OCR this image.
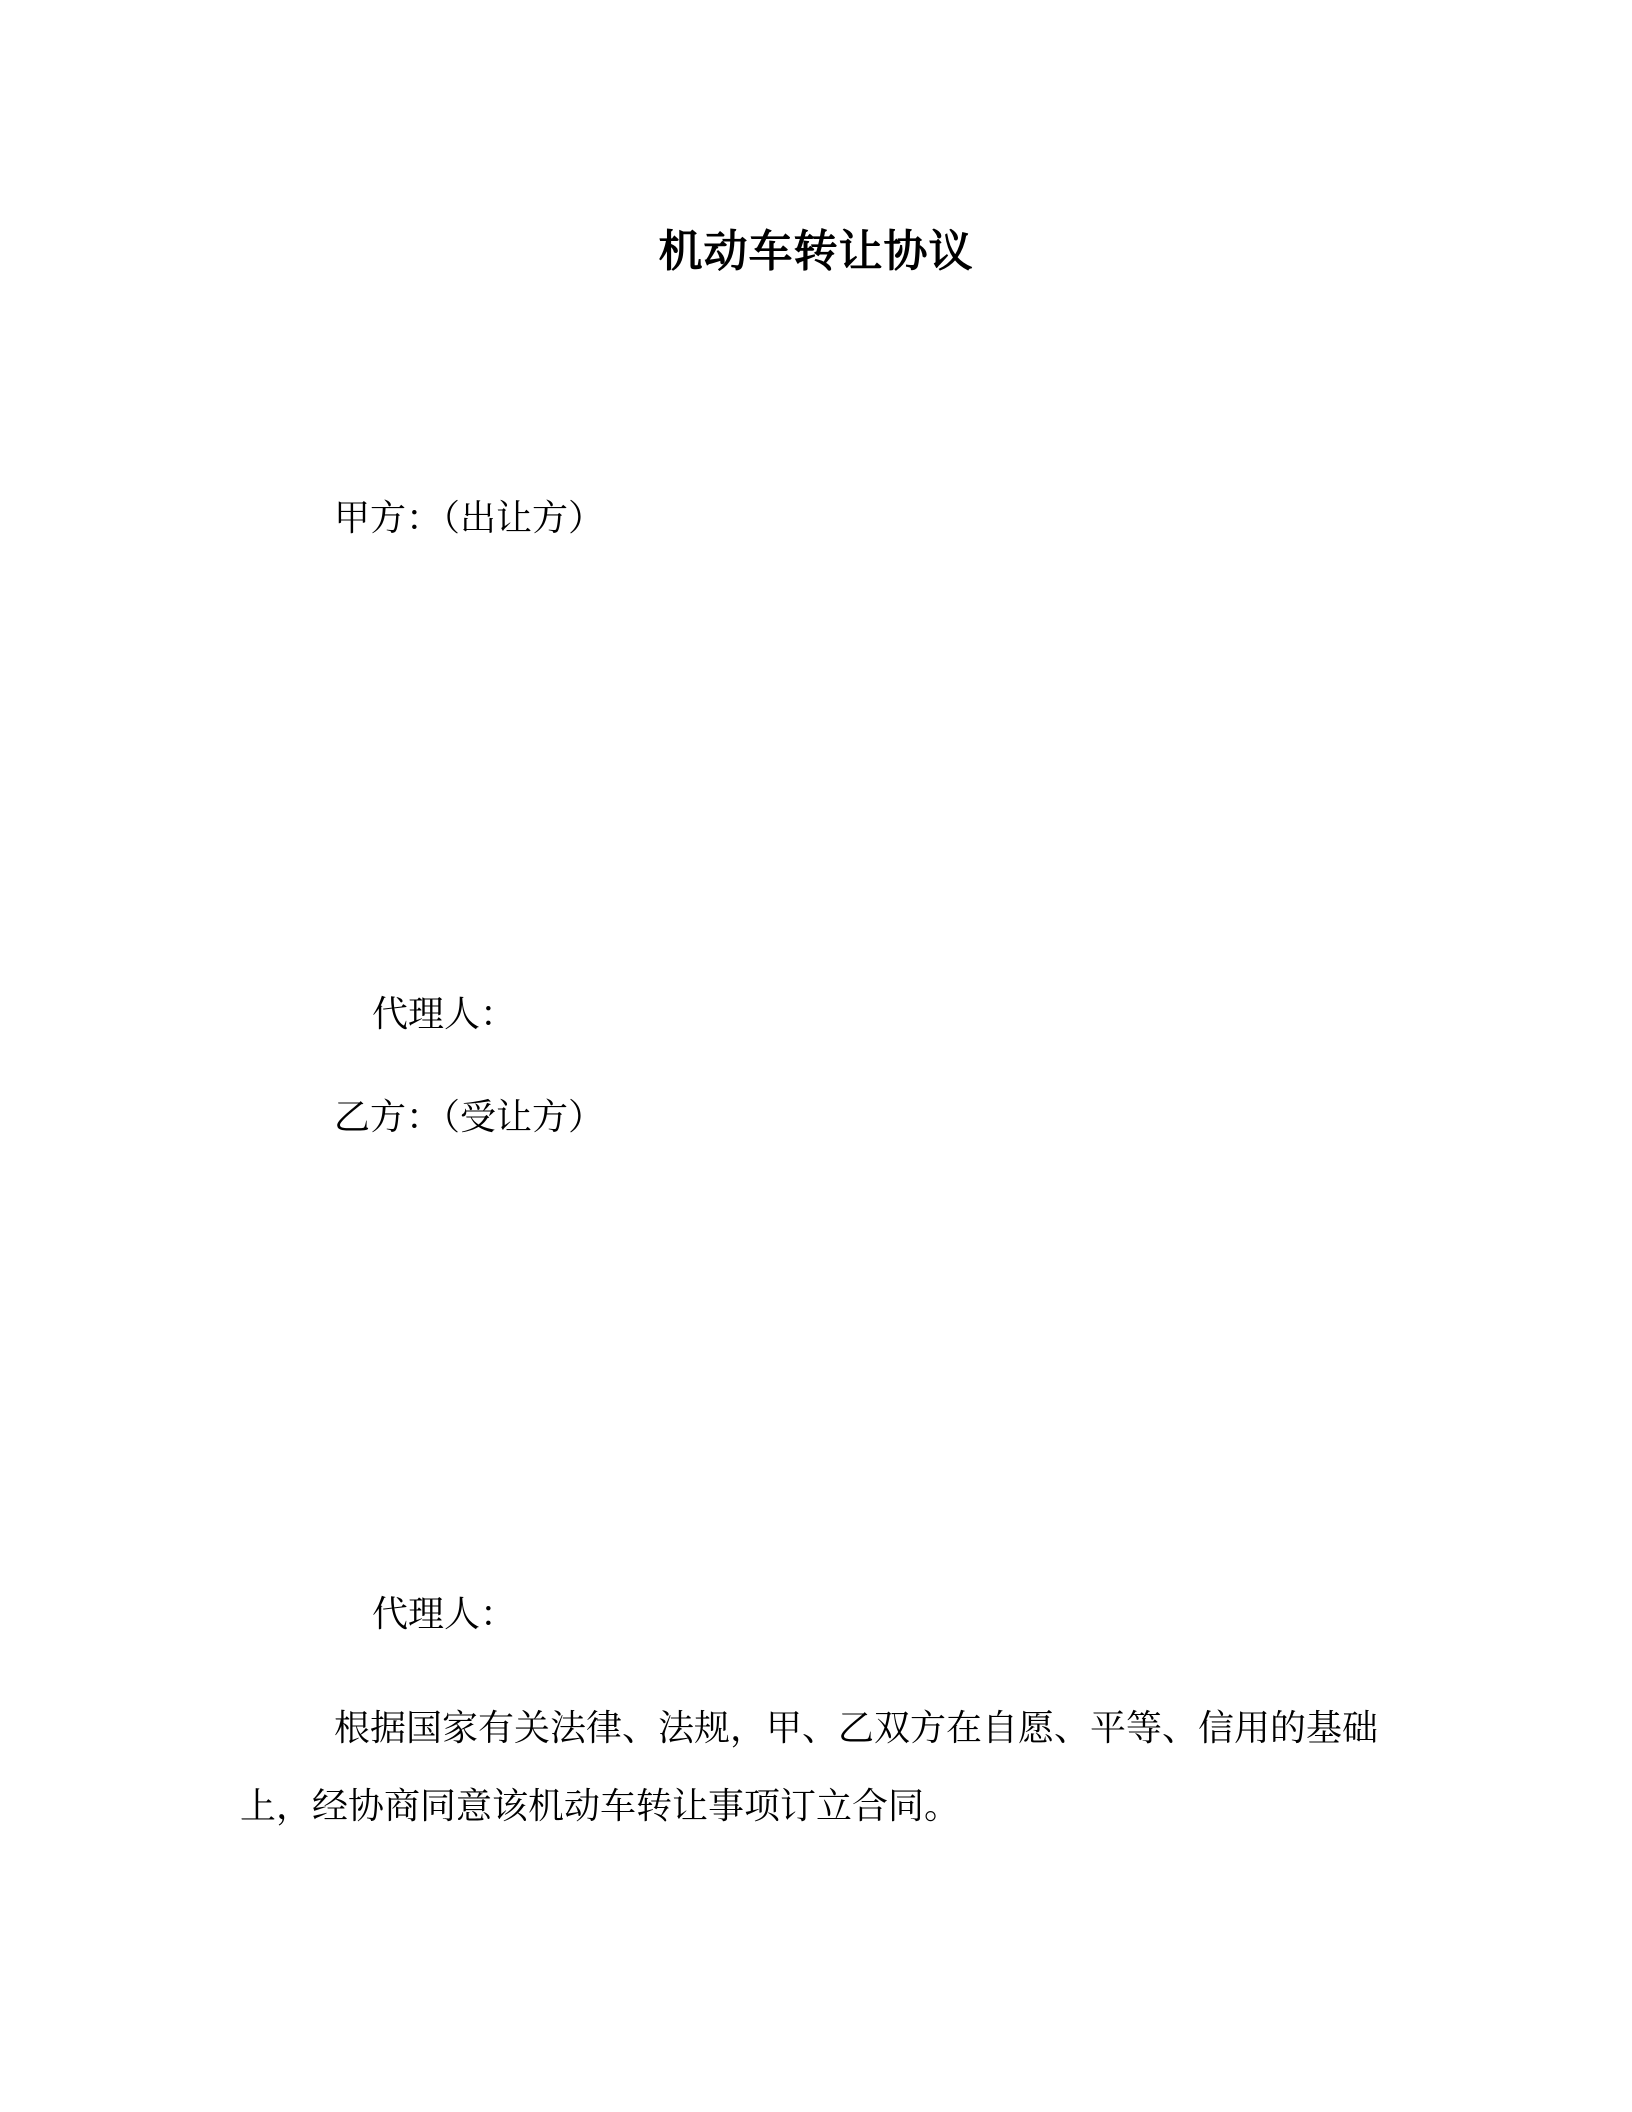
机动车转让协议
甲方：（出让方）
代理人：
乙方：（受让方）
代理人：
根据国家有关法律、法规，甲、乙双方在自愿、平等、信用的基础上，经协商同意该机动车转让事项订立合同。
